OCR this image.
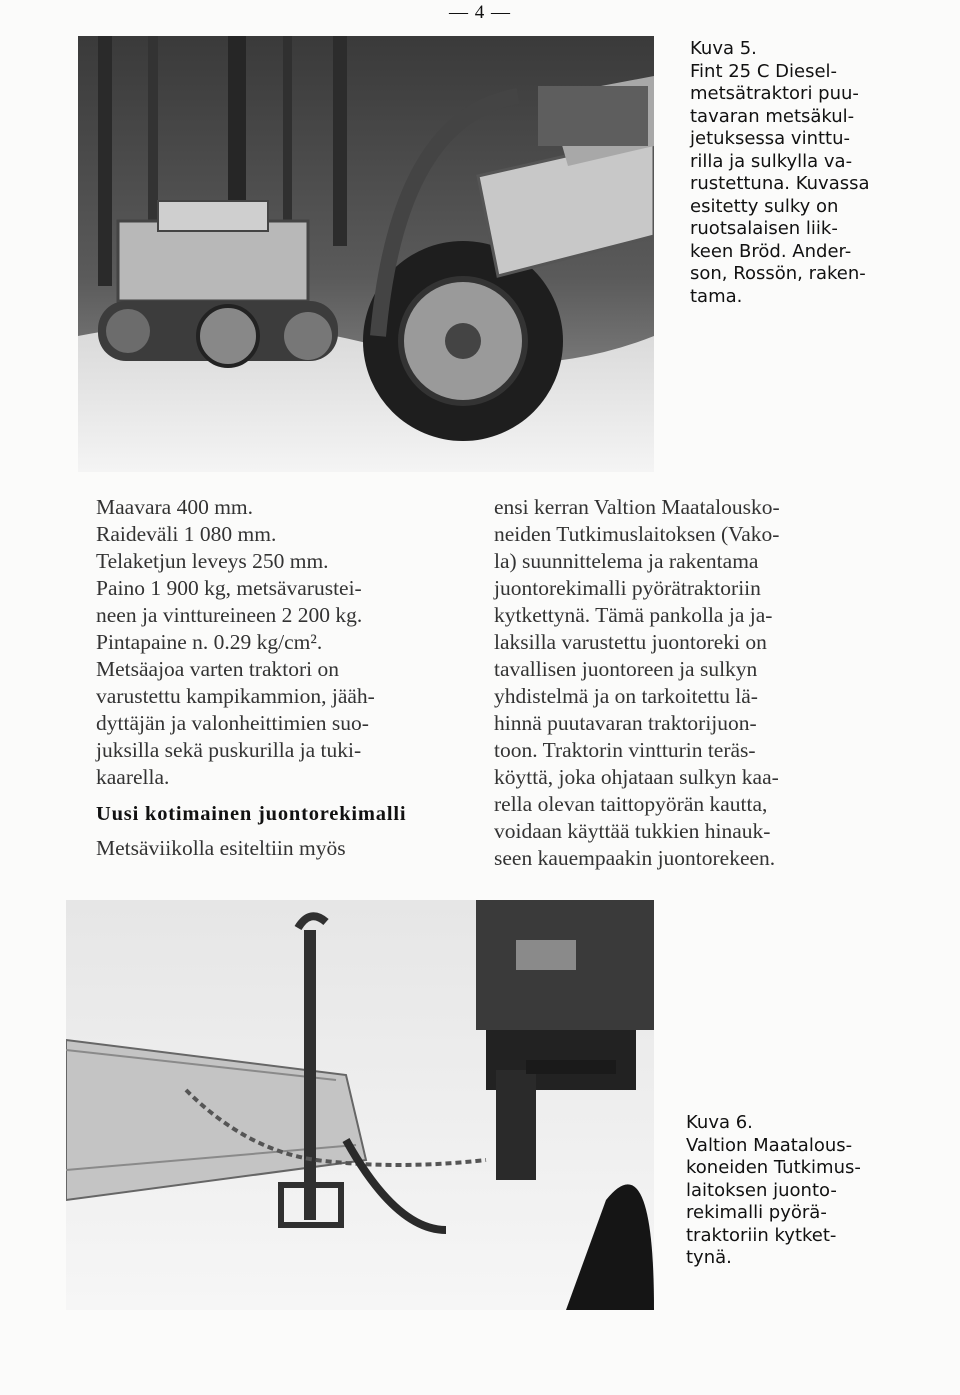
— 4 —
Kuva 5.
Fint 25 C Diesel-
metsätraktori puu-
tavaran metsäkul-
jetuksessa vinttu-
rilla ja sulkylla va-
rustettuna. Kuvassa
esitetty sulky on
ruotsalaisen liik-
keen Bröd. Ander-
son, Rossön, raken-
tama.
Maavara 400 mm.
Raideväli 1 080 mm.
Telaketjun leveys 250 mm.
Paino 1 900 kg, metsävarustei-
neen ja vinttureineen 2 200 kg.
Pintapaine n. 0.29 kg/cm².
Metsäajoa varten traktori on
varustettu kampikammion, jääh-
dyttäjän ja valonheittimien suo-
juksilla sekä puskurilla ja tuki-
kaarella.
Uusi kotimainen juontorekimalli
Metsäviikolla esiteltiin myös
ensi kerran Valtion Maatalousko-
neiden Tutkimuslaitoksen (Vako-
la) suunnittelema ja rakentama
juontorekimalli pyörätraktoriin
kytkettynä. Tämä pankolla ja ja-
laksilla varustettu juontoreki on
tavallisen juontoreen ja sulkyn
yhdistelmä ja on tarkoitettu lä-
hinnä puutavaran traktorijuon-
toon. Traktorin vintturin teräs-
köyttä, joka ohjataan sulkyn kaa-
rella olevan taittopyörän kautta,
voidaan käyttää tukkien hinauk-
seen kauempaakin juontorekeen.
Kuva 6.
Valtion Maatalous-
koneiden Tutkimus-
laitoksen juonto-
rekimalli pyörä-
traktoriin kytket-
tynä.
